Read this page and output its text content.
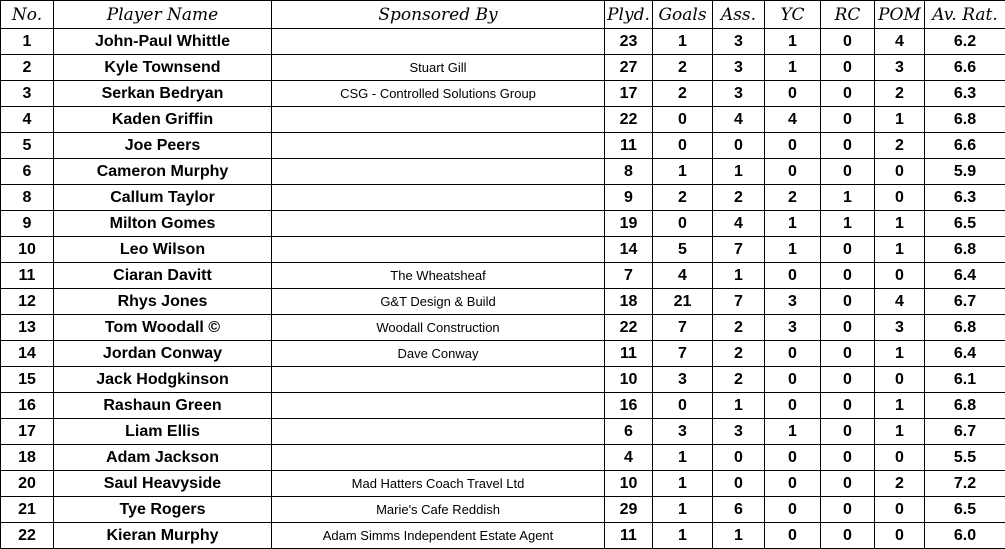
No.	Player Name	Sponsored By	Plyd.	Goals	Ass.	YC	RC	POM	Av. Rat.
1	John-Paul Whittle		23	1	3	1	0	4	6.2
2	Kyle Townsend	Stuart Gill	27	2	3	1	0	3	6.6
3	Serkan Bedryan	CSG - Controlled Solutions Group	17	2	3	0	0	2	6.3
4	Kaden Griffin		22	0	4	4	0	1	6.8
5	Joe Peers		11	0	0	0	0	2	6.6
6	Cameron Murphy		8	1	1	0	0	0	5.9
8	Callum Taylor		9	2	2	2	1	0	6.3
9	Milton Gomes		19	0	4	1	1	1	6.5
10	Leo Wilson		14	5	7	1	0	1	6.8
11	Ciaran Davitt	The Wheatsheaf	7	4	1	0	0	0	6.4
12	Rhys Jones	G&T Design & Build	18	21	7	3	0	4	6.7
13	Tom Woodall ©	Woodall Construction	22	7	2	3	0	3	6.8
14	Jordan Conway	Dave Conway	11	7	2	0	0	1	6.4
15	Jack Hodgkinson		10	3	2	0	0	0	6.1
16	Rashaun Green		16	0	1	0	0	1	6.8
17	Liam Ellis		6	3	3	1	0	1	6.7
18	Adam Jackson		4	1	0	0	0	0	5.5
20	Saul Heavyside	Mad Hatters Coach Travel Ltd	10	1	0	0	0	2	7.2
21	Tye Rogers	Marie's Cafe Reddish	29	1	6	0	0	0	6.5
22	Kieran Murphy	Adam Simms Independent Estate Agent	11	1	1	0	0	0	6.0
